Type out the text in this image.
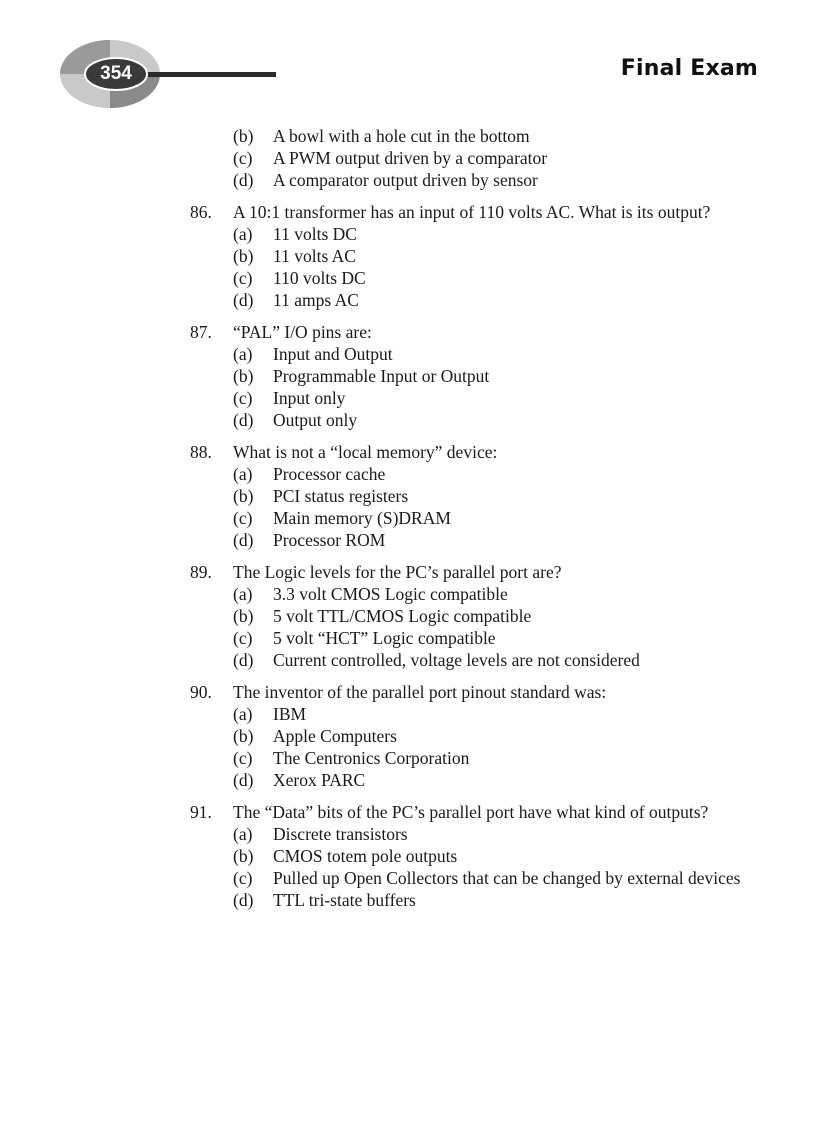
354	Final Exam
(b)	A bowl with a hole cut in the bottom
(c)	A PWM output driven by a comparator
(d)	A comparator output driven by sensor
86.	A 10:1 transformer has an input of 110 volts AC. What is its output?
(a)	11 volts DC
(b)	11 volts AC
(c)	110 volts DC
(d)	11 amps AC
87.	“PAL” I/O pins are:
(a)	Input and Output
(b)	Programmable Input or Output
(c)	Input only
(d)	Output only
88.	What is not a “local memory” device:
(a)	Processor cache
(b)	PCI status registers
(c)	Main memory (S)DRAM
(d)	Processor ROM
89.	The Logic levels for the PC’s parallel port are?
(a)	3.3 volt CMOS Logic compatible
(b)	5 volt TTL/CMOS Logic compatible
(c)	5 volt “HCT” Logic compatible
(d)	Current controlled, voltage levels are not considered
90.	The inventor of the parallel port pinout standard was:
(a)	IBM
(b)	Apple Computers
(c)	The Centronics Corporation
(d)	Xerox PARC
91.	The “Data” bits of the PC’s parallel port have what kind of outputs?
(a)	Discrete transistors
(b)	CMOS totem pole outputs
(c)	Pulled up Open Collectors that can be changed by external devices
(d)	TTL tri-state buffers
